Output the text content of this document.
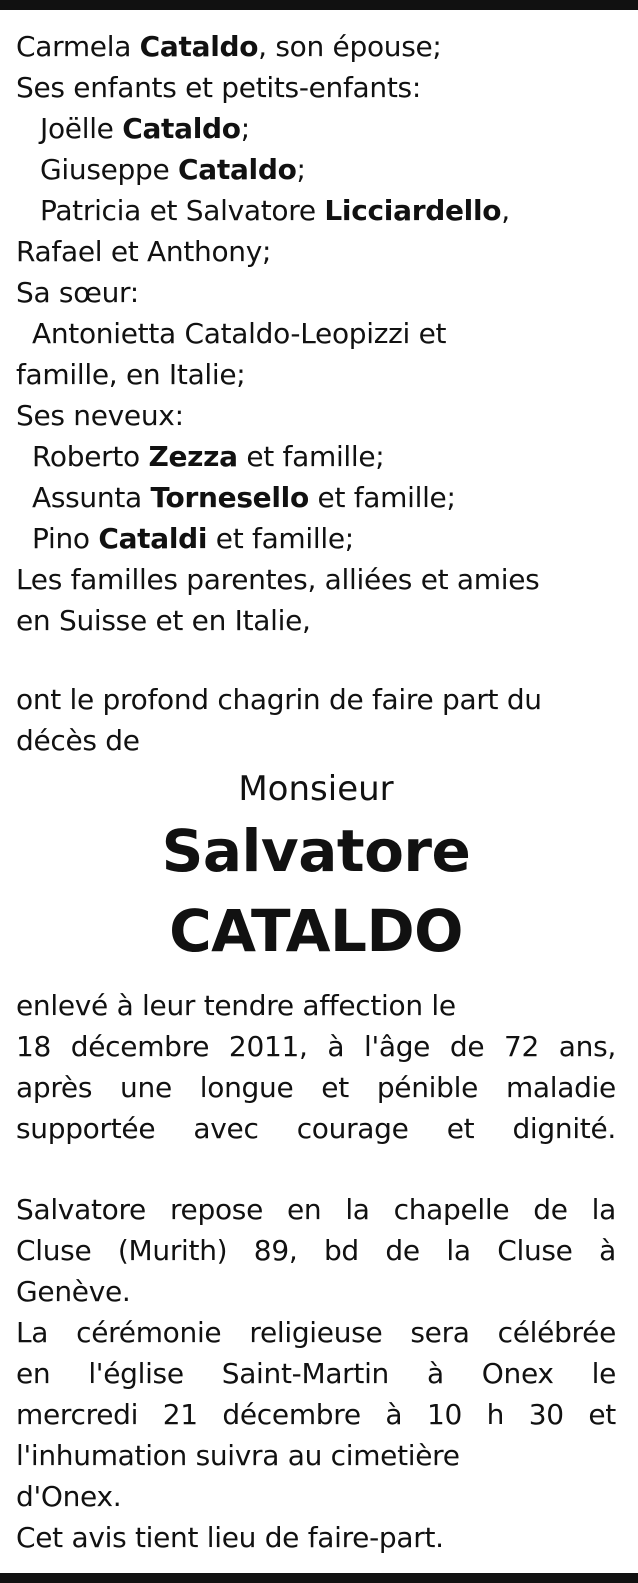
Carmela Cataldo, son épouse;
Ses enfants et petits-enfants:
Joëlle Cataldo;
Giuseppe Cataldo;
Patricia et Salvatore Licciardello,
Rafael et Anthony;
Sa sœur:
Antonietta Cataldo-Leopizzi et
famille, en Italie;
Ses neveux:
Roberto Zezza et famille;
Assunta Tornesello et famille;
Pino Cataldi et famille;
Les familles parentes, alliées et amies
en Suisse et en Italie,
ont le profond chagrin de faire part du
décès de
Monsieur
Salvatore CATALDO
enlevé à leur tendre affection le
18 décembre 2011, à l'âge de 72 ans,
après une longue et pénible maladie
supportée avec courage et dignité.
Salvatore repose en la chapelle de la
Cluse (Murith) 89, bd de la Cluse à
Genève.
La cérémonie religieuse sera célébrée
en l'église Saint-Martin à Onex le
mercredi 21 décembre à 10 h 30 et
l'inhumation suivra au cimetière
d'Onex.
Cet avis tient lieu de faire-part.
